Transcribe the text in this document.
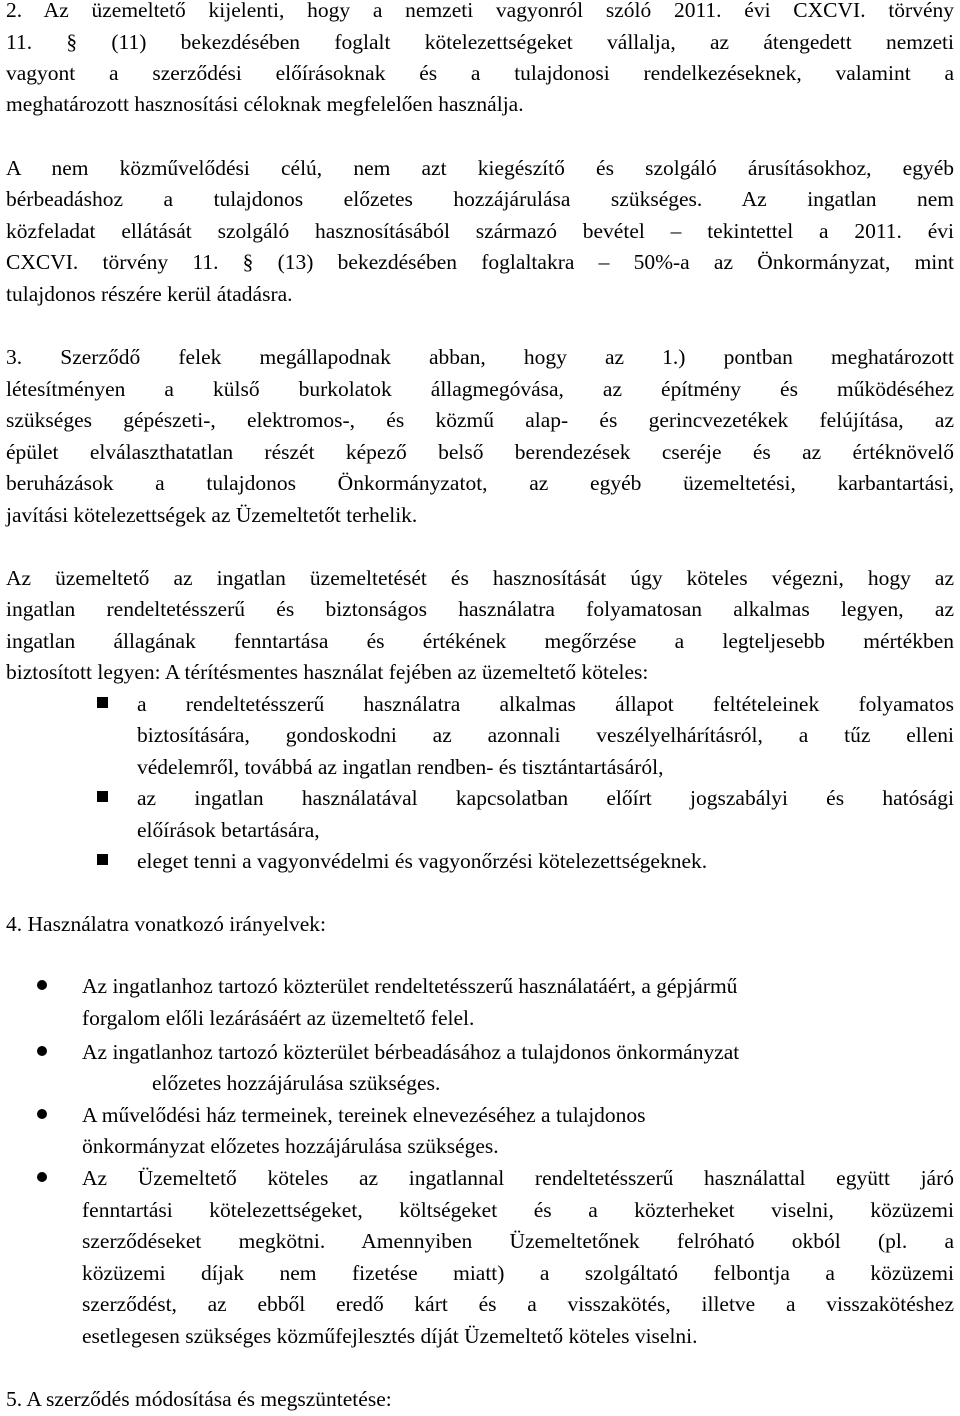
2. Az üzemeltető kijelenti, hogy a nemzeti vagyonról szóló 2011. évi CXCVI. törvény
11. § (11) bekezdésében foglalt kötelezettségeket vállalja, az átengedett nemzeti
vagyont a szerződési előírásoknak és a tulajdonosi rendelkezéseknek, valamint a
meghatározott hasznosítási céloknak megfelelően használja.
A nem közművelődési célú, nem azt kiegészítő és szolgáló árusításokhoz, egyéb
bérbeadáshoz a tulajdonos előzetes hozzájárulása szükséges. Az ingatlan nem
közfeladat ellátását szolgáló hasznosításából származó bevétel – tekintettel a 2011. évi
CXCVI. törvény 11. § (13) bekezdésében foglaltakra – 50%-a az Önkormányzat, mint
tulajdonos részére kerül átadásra.
3. Szerződő felek megállapodnak abban, hogy az 1.) pontban meghatározott
létesítményen a külső burkolatok állagmegóvása, az építmény és működéséhez
szükséges gépészeti-, elektromos-, és közmű alap- és gerincvezetékek felújítása, az
épület elválaszthatatlan részét képező belső berendezések cseréje és az értéknövelő
beruházások a tulajdonos Önkormányzatot, az egyéb üzemeltetési, karbantartási,
javítási kötelezettségek az Üzemeltetőt terhelik.
Az üzemeltető az ingatlan üzemeltetését és hasznosítását úgy köteles végezni, hogy az
ingatlan rendeltetésszerű és biztonságos használatra folyamatosan alkalmas legyen, az
ingatlan állagának fenntartása és értékének megőrzése a legteljesebb mértékben
biztosított legyen: A térítésmentes használat fejében az üzemeltető köteles:
a rendeltetésszerű használatra alkalmas állapot feltételeinek folyamatos
biztosítására, gondoskodni az azonnali veszélyelhárításról, a tűz elleni
védelemről, továbbá az ingatlan rendben- és tisztántartásáról,
az ingatlan használatával kapcsolatban előírt jogszabályi és hatósági
előírások betartására,
eleget tenni a vagyonvédelmi és vagyonőrzési kötelezettségeknek.
4. Használatra vonatkozó irányelvek:
Az ingatlanhoz tartozó közterület rendeltetésszerű használatáért, a gépjármű
forgalom előli lezárásáért az üzemeltető felel.
Az ingatlanhoz tartozó közterület bérbeadásához a tulajdonos önkormányzat
előzetes hozzájárulása szükséges.
A művelődési ház termeinek, tereinek elnevezéséhez a tulajdonos
önkormányzat előzetes hozzájárulása szükséges.
Az Üzemeltető köteles az ingatlannal rendeltetésszerű használattal együtt járó
fenntartási kötelezettségeket, költségeket és a közterheket viselni, közüzemi
szerződéseket megkötni. Amennyiben Üzemeltetőnek felróható okból (pl. a
közüzemi díjak nem fizetése miatt) a szolgáltató felbontja a közüzemi
szerződést, az ebből eredő kárt és a visszakötés, illetve a visszakötéshez
esetlegesen szükséges közműfejlesztés díját Üzemeltető köteles viselni.
5. A szerződés módosítása és megszüntetése:
